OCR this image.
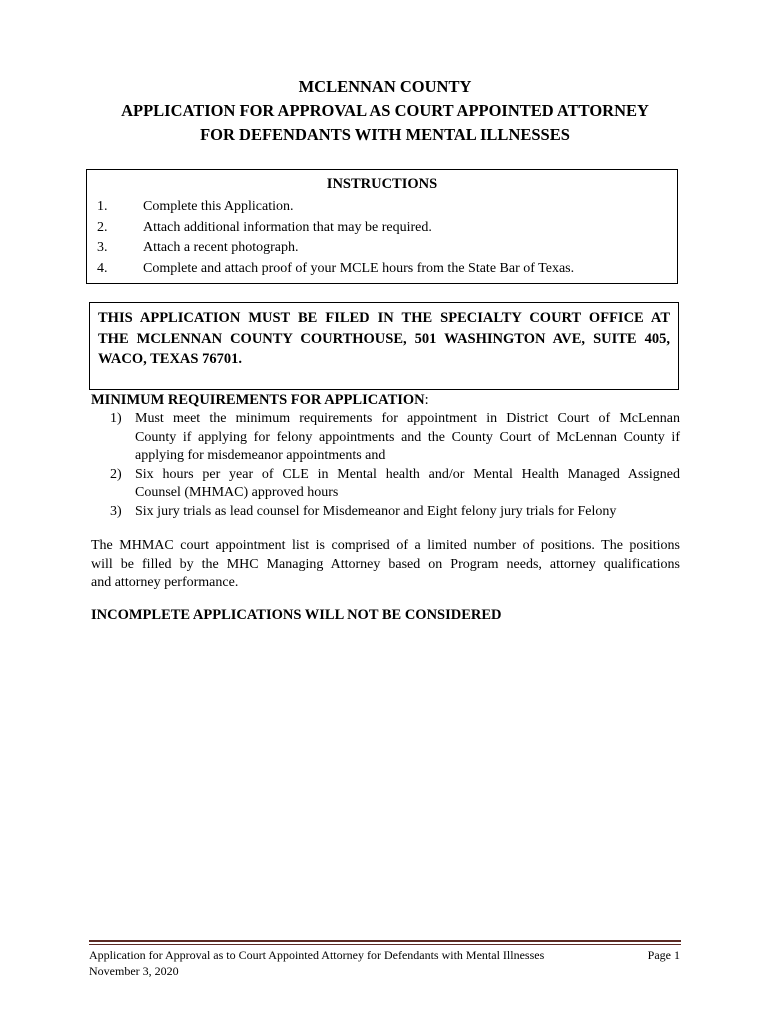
MCLENNAN COUNTY
APPLICATION FOR APPROVAL AS COURT APPOINTED ATTORNEY
FOR DEFENDANTS WITH MENTAL ILLNESSES
INSTRUCTIONS
1.	Complete this Application.
2.	Attach additional information that may be required.
3.	Attach a recent photograph.
4.	Complete and attach proof of your MCLE hours from the State Bar of Texas.
THIS APPLICATION MUST BE FILED IN THE SPECIALTY COURT OFFICE AT
THE MCLENNAN COUNTY COURTHOUSE, 501 WASHINGTON AVE, SUITE 405,
WACO, TEXAS 76701.
MINIMUM REQUIREMENTS FOR APPLICATION:
1) Must meet the minimum requirements for appointment in District Court of McLennan
County if applying for felony appointments and the County Court of McLennan County if
applying for misdemeanor appointments and
2) Six hours per year of CLE in Mental health and/or Mental Health Managed Assigned
Counsel (MHMAC) approved hours
3) Six jury trials as lead counsel for Misdemeanor and Eight felony jury trials for Felony
The MHMAC court appointment list is comprised of a limited number of positions. The positions
will be filled by the MHC Managing Attorney based on Program needs, attorney qualifications
and attorney performance.
INCOMPLETE APPLICATIONS WILL NOT BE CONSIDERED
Application for Approval as to Court Appointed Attorney for Defendants with Mental Illnesses
November 3, 2020
Page 1
